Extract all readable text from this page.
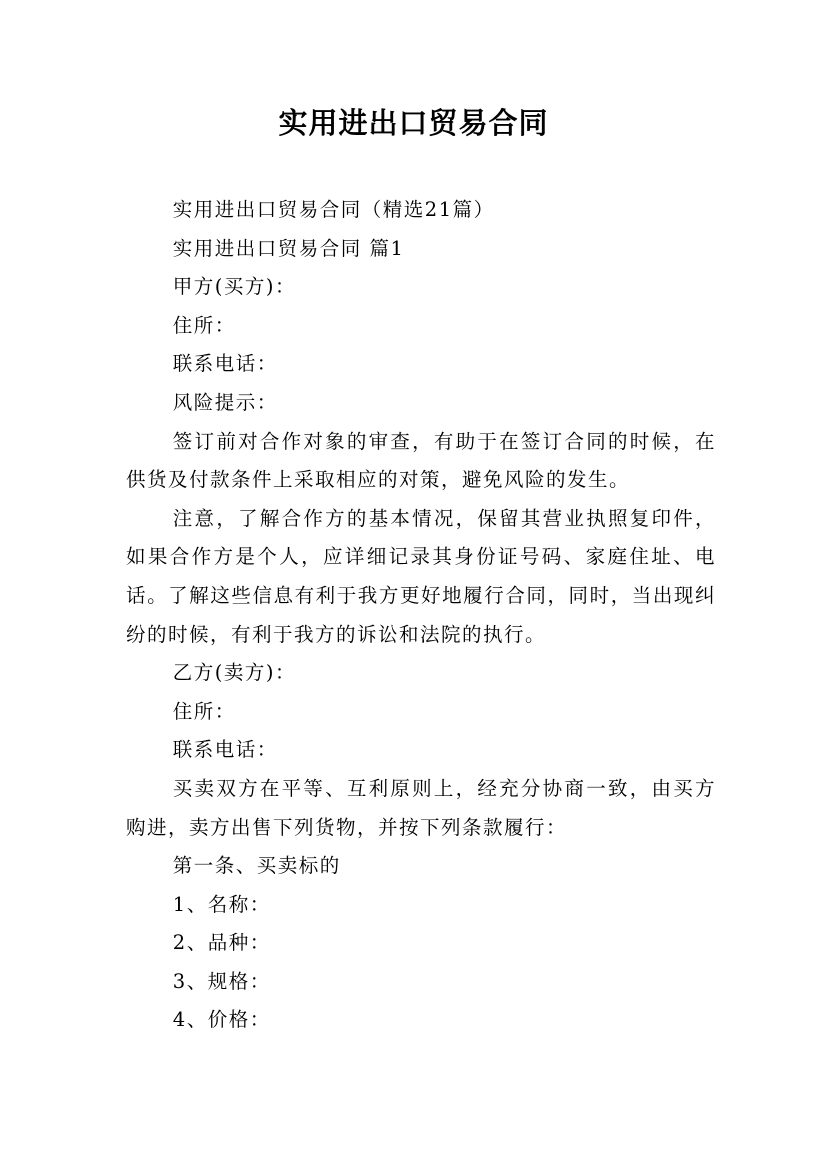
实用进出口贸易合同

实用进出口贸易合同（精选21篇）

实用进出口贸易合同 篇1

甲方(买方)：

住所：

联系电话：

风险提示：

签订前对合作对象的审查，有助于在签订合同的时候，在供货及付款条件上采取相应的对策，避免风险的发生。

注意，了解合作方的基本情况，保留其营业执照复印件，如果合作方是个人，应详细记录其身份证号码、家庭住址、电话。了解这些信息有利于我方更好地履行合同，同时，当出现纠纷的时候，有利于我方的诉讼和法院的执行。

乙方(卖方)：

住所：

联系电话：

买卖双方在平等、互利原则上，经充分协商一致，由买方购进，卖方出售下列货物，并按下列条款履行：

第一条、买卖标的

1、名称：

2、品种：

3、规格：

4、价格：
